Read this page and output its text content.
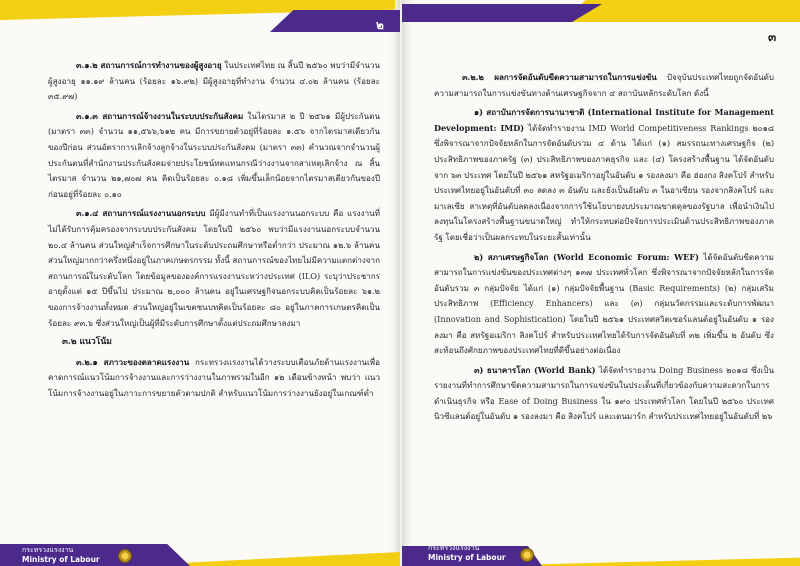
๒

๓.๑.๒ สถานการณ์การทำงานของผู้สูงอายุ ในประเทศไทย ณ สิ้นปี ๒๕๖๐ พบว่ามีจำนวนผู้สูงอายุ ๑๑.๑๙ ล้านคน (ร้อยละ ๑๖.๙๒) มีผู้สูงอายุที่ทำงาน จำนวน ๔.๐๒ ล้านคน (ร้อยละ ๓๕.๙๗)

๓.๑.๓ สถานการณ์จ้างงานในระบบประกันสังคม ในไตรมาส ๒ ปี ๒๕๖๑ มีผู้ประกันตน (มาตรา ๓๓) จำนวน ๑๑,๕๖๖,๖๑๒ คน มีการขยายตัวอยู่ที่ร้อยละ ๑.๕๖ จากไตรมาสเดียวกันของปีก่อน ส่วนอัตราการเลิกจ้างลูกจ้างในระบบประกันสังคม (มาตรา ๓๓) คำนวณจากจำนวนผู้ประกันตนที่สำนักงานประกันสังคมจ่ายประโยชน์ทดแทนกรณีว่างงานจากสาเหตุเลิกจ้าง ณ สิ้นไตรมาส จำนวน ๒๑,๗๐๗ คน คิดเป็นร้อยละ ๐.๑๘ เพิ่มขึ้นเล็กน้อยจากไตรมาสเดียวกันของปีก่อนอยู่ที่ร้อยละ ๐.๑๐

๓.๑.๔ สถานการณ์แรงงานนอกระบบ มีผู้มีงานทำที่เป็นแรงงานนอกระบบ คือ แรงงานที่ไม่ได้รับการคุ้มครองจากระบบประกันสังคม โดยในปี ๒๕๖๐ พบว่ามีแรงงานนอกระบบจำนวน ๒๐.๔ ล้านคน ส่วนใหญ่สำเร็จการศึกษาในระดับประถมศึกษาหรือต่ำกว่า ประมาณ ๑๒.๖ ล้านคน ส่วนใหญ่มากกว่าครึ่งหนึ่งอยู่ในภาคเกษตรกรรม ทั้งนี้ สถานการณ์ของไทยไม่มีความแตกต่างจากสถานการณ์ในระดับโลก โดยข้อมูลขององค์การแรงงานระหว่างประเทศ (ILO) ระบุว่าประชากรอายุตั้งแต่ ๑๕ ปีขึ้นไป ประมาณ ๒,๐๐๐ ล้านคน อยู่ในเศรษฐกิจนอกระบบคิดเป็นร้อยละ ๖๑.๒ ของการจ้างงานทั้งหมด ส่วนใหญ่อยู่ในเขตชนบทคิดเป็นร้อยละ ๘๐ อยู่ในภาคการเกษตรคิดเป็นร้อยละ ๙๓.๖ ซึ่งส่วนใหญ่เป็นผู้ที่มีระดับการศึกษาตั้งแต่ประถมศึกษาลงมา

๓.๒ แนวโน้ม

๓.๒.๑ สภาวะของตลาดแรงงาน กระทรวงแรงงานได้วางระบบเตือนภัยด้านแรงงานเพื่อคาดการณ์แนวโน้มการจ้างงานและการว่างงานในภาพรวมในอีก ๑๒ เดือนข้างหน้า พบว่า แนวโน้มการจ้างงานอยู่ในภาวะการขยายตัวตามปกติ สำหรับแนวโน้มการว่างงานยังอยู่ในเกณฑ์ต่ำ

กระทรวงแรงงาน
Ministry of Labour
๓

๓.๒.๒ ผลการจัดอันดับขีดความสามารถในการแข่งขัน ปัจจุบันประเทศไทยถูกจัดอันดับความสามารถในการแข่งขันทางด้านเศรษฐกิจจาก ๔ สถาบันหลักระดับโลก ดังนี้

๑) สถาบันการจัดการนานาชาติ (International Institute for Management Development: IMD) ได้จัดทำรายงาน IMD World Competitiveness Rankings ๒๐๑๘ ซึ่งพิจารณาจากปัจจัยหลักในการจัดอันดับรวม ๔ ด้าน ได้แก่ (๑) สมรรถนะทางเศรษฐกิจ (๒) ประสิทธิภาพของภาครัฐ (๓) ประสิทธิภาพของภาคธุรกิจ และ (๔) โครงสร้างพื้นฐาน ได้จัดอันดับจาก ๖๓ ประเทศ โดยในปี ๒๕๖๑ สหรัฐอเมริกาอยู่ในอันดับ ๑ รองลงมา คือ ฮ่องกง สิงคโปร์ สำหรับประเทศไทยอยู่ในอันดับที่ ๓๐ ลดลง ๓ อันดับ และยังเป็นอันดับ ๓ ในอาเซียน รองจากสิงคโปร์ และมาเลเซีย สาเหตุที่อันดับลดลงเนื่องจากการใช้นโยบายงบประมาณขาดดุลของรัฐบาล เพื่อนำเงินไปลงทุนในโครงสร้างพื้นฐานขนาดใหญ่ ทำให้กระทบต่อปัจจัยการประเมินด้านประสิทธิภาพของภาครัฐ โดยเชื่อว่าเป็นผลกระทบในระยะสั้นเท่านั้น

๒) สภาเศรษฐกิจโลก (World Economic Forum: WEF) ได้จัดอันดับขีดความสามารถในการแข่งขันของประเทศต่างๆ ๑๓๗ ประเทศทั่วโลก ซึ่งพิจารณาจากปัจจัยหลักในการจัดอันดับรวม ๓ กลุ่มปัจจัย ได้แก่ (๑) กลุ่มปัจจัยพื้นฐาน (Basic Requirements) (๒) กลุ่มเสริมประสิทธิภาพ (Efficiency Enhancers) และ (๓) กลุ่มนวัตกรรมและระดับการพัฒนา (Innovation and Sophistication) โดยในปี ๒๕๖๑ ประเทศสวิตเซอร์แลนด์อยู่ในอันดับ ๑ รองลงมา คือ สหรัฐอเมริกา สิงคโปร์ สำหรับประเทศไทยได้รับการจัดอันดับที่ ๓๒ เพิ่มขึ้น ๒ อันดับ ซึ่งสะท้อนถึงศักยภาพของประเทศไทยที่ดีขึ้นอย่างต่อเนื่อง

๓) ธนาคารโลก (World Bank) ได้จัดทำรายงาน Doing Business ๒๐๑๘ ซึ่งเป็นรายงานที่ทำการศึกษาขีดความสามารถในการแข่งขันในประเด็นที่เกี่ยวข้องกับความสะดวกในการดำเนินธุรกิจ หรือ Ease of Doing Business ใน ๑๙๐ ประเทศทั่วโลก โดยในปี ๒๕๖๐ ประเทศนิวซีแลนด์อยู่ในอันดับ ๑ รองลงมา คือ สิงคโปร์ และเดนมาร์ก สำหรับประเทศไทยอยู่ในอันดับที่ ๒๖

กระทรวงแรงงาน
Ministry of Labour
